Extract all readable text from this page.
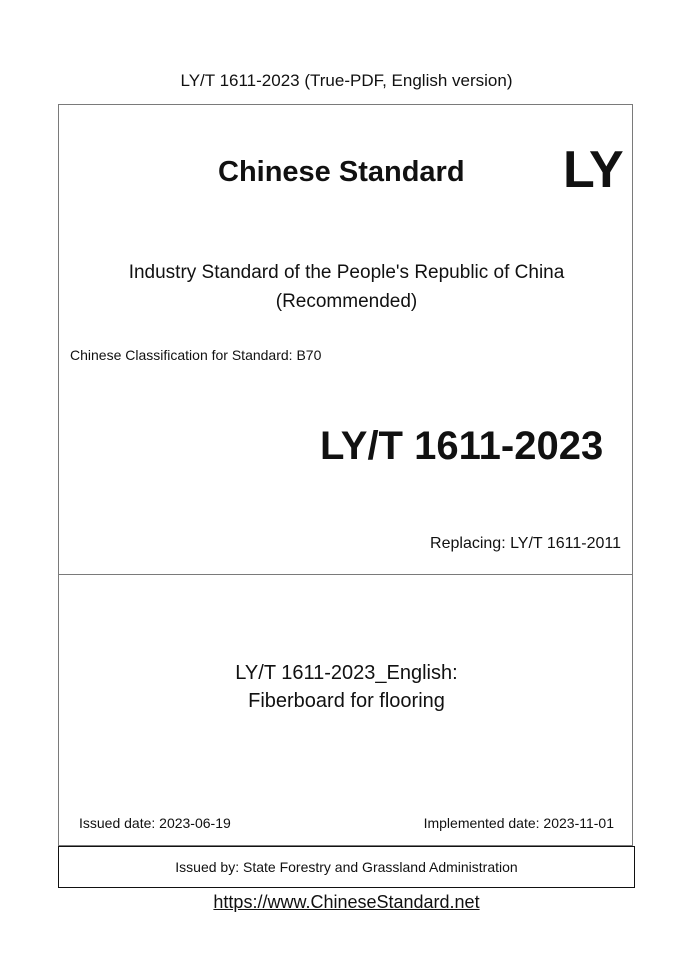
LY/T 1611-2023 (True-PDF, English version)
Chinese Standard LY
Industry Standard of the People's Republic of China
(Recommended)
Chinese Classification for Standard: B70
LY/T 1611-2023
Replacing: LY/T 1611-2011
LY/T 1611-2023_English:
Fiberboard for flooring
Issued date: 2023-06-19	Implemented date: 2023-11-01
Issued by: State Forestry and Grassland Administration
https://www.ChineseStandard.net
